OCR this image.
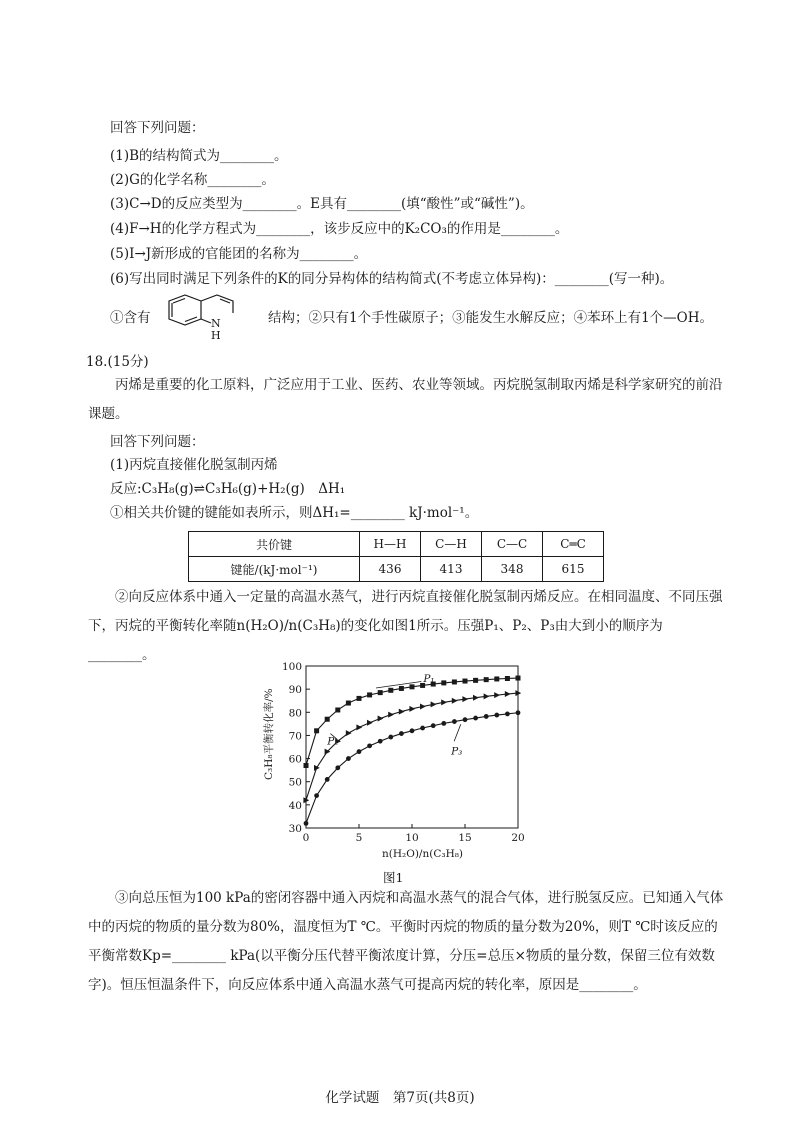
回答下列问题：
(1)B的结构简式为________。
(2)G的化学名称________。
(3)C→D的反应类型为________。E具有________(填“酸性”或“碱性”)。
(4)F→H的化学方程式为________，该步反应中的K₂CO₃的作用是________。
(5)I→J新形成的官能团的名称为________。
(6)写出同时满足下列条件的K的同分异构体的结构简式(不考虑立体异构)：________(写一种)。
①含有	N
H
结构；②只有1个手性碳原子；③能发生水解反应；④苯环上有1个—OH。
18.(15分)
丙烯是重要的化工原料，广泛应用于工业、医药、农业等领域。丙烷脱氢制取丙烯是科学家研究的前沿课题。
回答下列问题：
(1)丙烷直接催化脱氢制丙烯
反应:C₃H₈(g)⇌C₃H₆(g)+H₂(g)　ΔH₁
①相关共价键的键能如表所示，则ΔH₁=________ kJ·mol⁻¹。
共价键	H—H	C—H	C—C	C═C
键能/(kJ·mol⁻¹)	436	413	348	615
②向反应体系中通入一定量的高温水蒸气，进行丙烷直接催化脱氢制丙烯反应。在相同温度、不同压强下，丙烷的平衡转化率随n(H₂O)/n(C₃H₈)的变化如图1所示。压强P₁、P₂、P₃由大到小的顺序为________。
0	5	10	15	20
30
40
50
60
70
80
90
100
P₁
P₂
P₃
C₃H₈平衡转化率/%
n(H₂O)/n(C₃H₈)
图1
③向总压恒为100 kPa的密闭容器中通入丙烷和高温水蒸气的混合气体，进行脱氢反应。已知通入气体中的丙烷的物质的量分数为80%，温度恒为T ℃。平衡时丙烷的物质的量分数为20%，则T ℃时该反应的平衡常数Kp=________ kPa(以平衡分压代替平衡浓度计算，分压=总压×物质的量分数，保留三位有效数字)。恒压恒温条件下，向反应体系中通入高温水蒸气可提高丙烷的转化率，原因是________。
化学试题　第7页(共8页)
